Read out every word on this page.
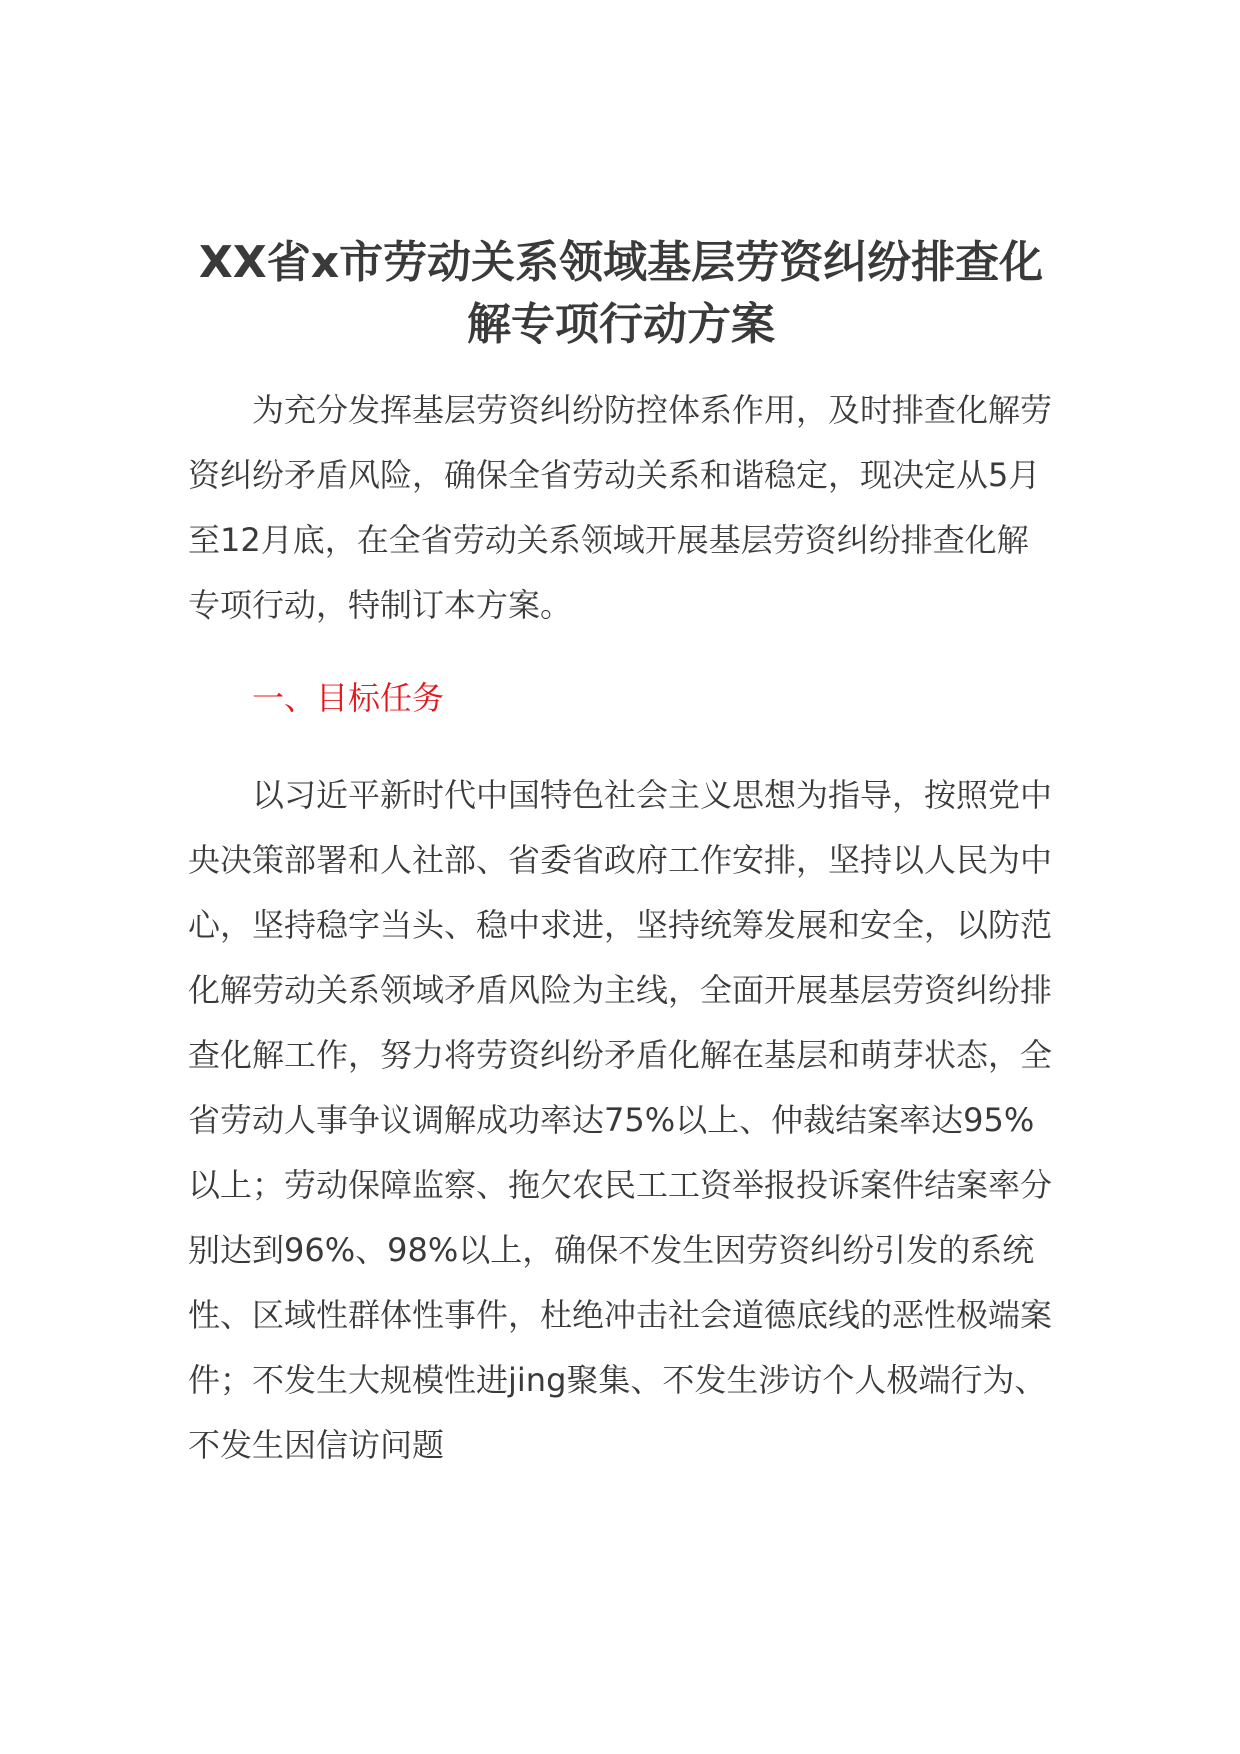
XX省x市劳动关系领域基层劳资纠纷排查化解专项行动方案

为充分发挥基层劳资纠纷防控体系作用，及时排查化解劳资纠纷矛盾风险，确保全省劳动关系和谐稳定，现决定从5月至12月底，在全省劳动关系领域开展基层劳资纠纷排查化解专项行动，特制订本方案。

一、目标任务

以习近平新时代中国特色社会主义思想为指导，按照党中央决策部署和人社部、省委省政府工作安排，坚持以人民为中心，坚持稳字当头、稳中求进，坚持统筹发展和安全，以防范化解劳动关系领域矛盾风险为主线，全面开展基层劳资纠纷排查化解工作，努力将劳资纠纷矛盾化解在基层和萌芽状态，全省劳动人事争议调解成功率达75%以上、仲裁结案率达95%以上；劳动保障监察、拖欠农民工工资举报投诉案件结案率分别达到96%、98%以上，确保不发生因劳资纠纷引发的系统性、区域性群体性事件，杜绝冲击社会道德底线的恶性极端案件；不发生大规模性进jing聚集、不发生涉访个人极端行为、不发生因信访问题
